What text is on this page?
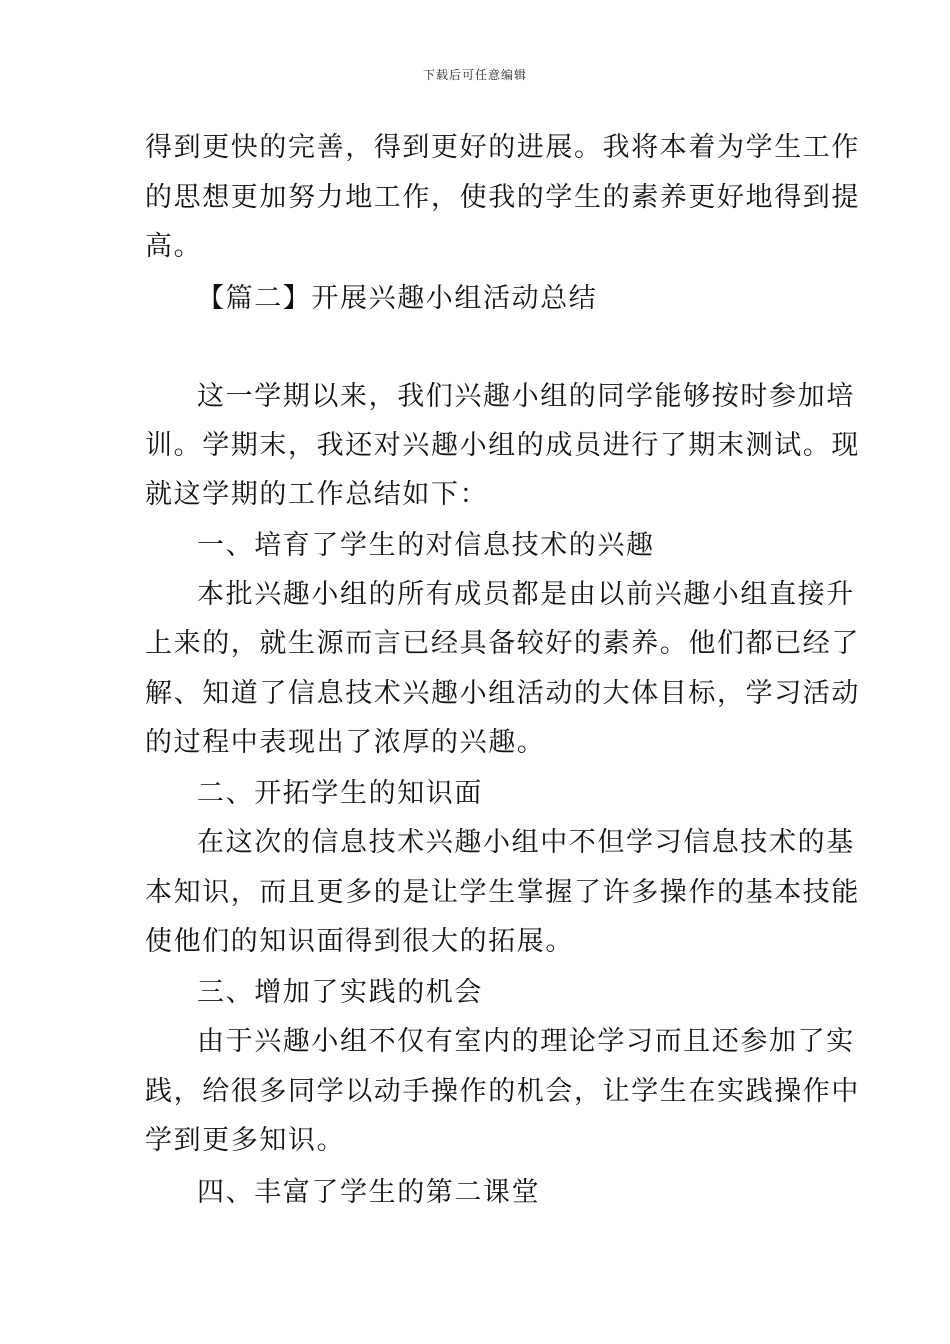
下载后可任意编辑
得到更快的完善，得到更好的进展。我将本着为学生工作
的思想更加努力地工作，使我的学生的素养更好地得到提
高。
【篇二】开展兴趣小组活动总结
这一学期以来，我们兴趣小组的同学能够按时参加培
训。学期末，我还对兴趣小组的成员进行了期末测试。现
就这学期的工作总结如下：
一、培育了学生的对信息技术的兴趣
本批兴趣小组的所有成员都是由以前兴趣小组直接升
上来的，就生源而言已经具备较好的素养。他们都已经了
解、知道了信息技术兴趣小组活动的大体目标，学习活动
的过程中表现出了浓厚的兴趣。
二、开拓学生的知识面
在这次的信息技术兴趣小组中不但学习信息技术的基
本知识，而且更多的是让学生掌握了许多操作的基本技能
使他们的知识面得到很大的拓展。
三、增加了实践的机会
由于兴趣小组不仅有室内的理论学习而且还参加了实
践，给很多同学以动手操作的机会，让学生在实践操作中
学到更多知识。
四、丰富了学生的第二课堂
